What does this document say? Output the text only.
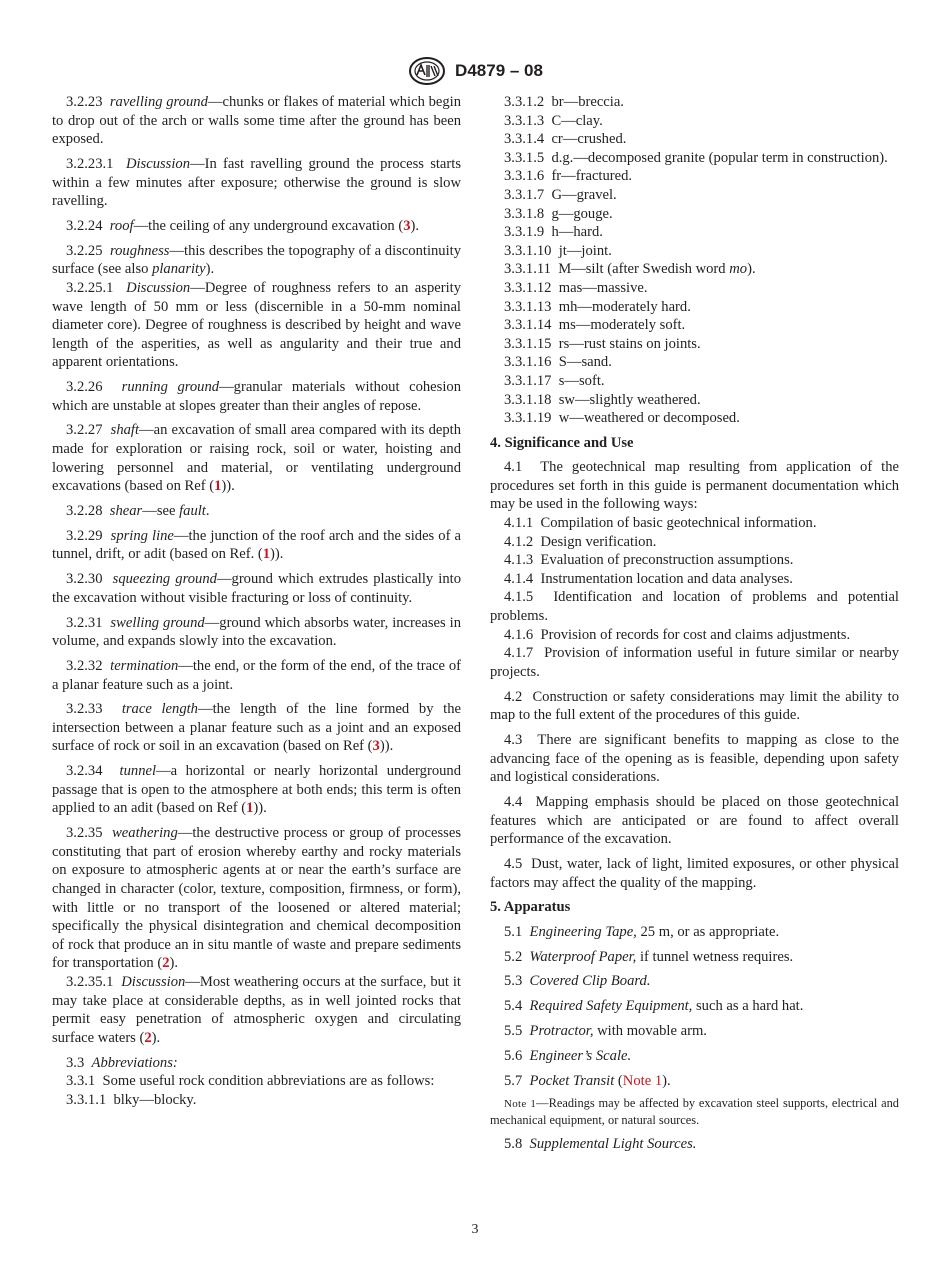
D4879 – 08

3.2.23 ravelling ground—chunks or flakes of material which begin to drop out of the arch or walls some time after the ground has been exposed.

3.2.23.1 Discussion—In fast ravelling ground the process starts within a few minutes after exposure; otherwise the ground is slow ravelling.

3.2.24 roof—the ceiling of any underground excavation (3).

3.2.25 roughness—this describes the topography of a discontinuity surface (see also planarity).

3.2.25.1 Discussion—Degree of roughness refers to an asperity wave length of 50 mm or less (discernible in a 50-mm nominal diameter core). Degree of roughness is described by height and wave length of the asperities, as well as angularity and their true and apparent orientations.

3.2.26 running ground—granular materials without cohesion which are unstable at slopes greater than their angles of repose.

3.2.27 shaft—an excavation of small area compared with its depth made for exploration or raising rock, soil or water, hoisting and lowering personnel and material, or ventilating underground excavations (based on Ref (1)).

3.2.28 shear—see fault.

3.2.29 spring line—the junction of the roof arch and the sides of a tunnel, drift, or adit (based on Ref. (1)).

3.2.30 squeezing ground—ground which extrudes plastically into the excavation without visible fracturing or loss of continuity.

3.2.31 swelling ground—ground which absorbs water, increases in volume, and expands slowly into the excavation.

3.2.32 termination—the end, or the form of the end, of the trace of a planar feature such as a joint.

3.2.33 trace length—the length of the line formed by the intersection between a planar feature such as a joint and an exposed surface of rock or soil in an excavation (based on Ref (3)).

3.2.34 tunnel—a horizontal or nearly horizontal underground passage that is open to the atmosphere at both ends; this term is often applied to an adit (based on Ref (1)).

3.2.35 weathering—the destructive process or group of processes constituting that part of erosion whereby earthy and rocky materials on exposure to atmospheric agents at or near the earth’s surface are changed in character (color, texture, composition, firmness, or form), with little or no transport of the loosened or altered material; specifically the physical disintegration and chemical decomposition of rock that produce an in situ mantle of waste and prepare sediments for transportation (2).

3.2.35.1 Discussion—Most weathering occurs at the surface, but it may take place at considerable depths, as in well jointed rocks that permit easy penetration of atmospheric oxygen and circulating surface waters (2).

3.3 Abbreviations:

3.3.1 Some useful rock condition abbreviations are as follows:

3.3.1.1 blky—blocky.

3.3.1.2 br—breccia.

3.3.1.3 C—clay.

3.3.1.4 cr—crushed.

3.3.1.5 d.g.—decomposed granite (popular term in construction).

3.3.1.6 fr—fractured.

3.3.1.7 G—gravel.

3.3.1.8 g—gouge.

3.3.1.9 h—hard.

3.3.1.10 jt—joint.

3.3.1.11 M—silt (after Swedish word mo).

3.3.1.12 mas—massive.

3.3.1.13 mh—moderately hard.

3.3.1.14 ms—moderately soft.

3.3.1.15 rs—rust stains on joints.

3.3.1.16 S—sand.

3.3.1.17 s—soft.

3.3.1.18 sw—slightly weathered.

3.3.1.19 w—weathered or decomposed.

4. Significance and Use

4.1 The geotechnical map resulting from application of the procedures set forth in this guide is permanent documentation which may be used in the following ways:

4.1.1 Compilation of basic geotechnical information.

4.1.2 Design verification.

4.1.3 Evaluation of preconstruction assumptions.

4.1.4 Instrumentation location and data analyses.

4.1.5 Identification and location of problems and potential problems.

4.1.6 Provision of records for cost and claims adjustments.

4.1.7 Provision of information useful in future similar or nearby projects.

4.2 Construction or safety considerations may limit the ability to map to the full extent of the procedures of this guide.

4.3 There are significant benefits to mapping as close to the advancing face of the opening as is feasible, depending upon safety and logistical considerations.

4.4 Mapping emphasis should be placed on those geotechnical features which are anticipated or are found to affect overall performance of the excavation.

4.5 Dust, water, lack of light, limited exposures, or other physical factors may affect the quality of the mapping.

5. Apparatus

5.1 Engineering Tape, 25 m, or as appropriate.

5.2 Waterproof Paper, if tunnel wetness requires.

5.3 Covered Clip Board.

5.4 Required Safety Equipment, such as a hard hat.

5.5 Protractor, with movable arm.

5.6 Engineer’s Scale.

5.7 Pocket Transit (Note 1).

Note 1—Readings may be affected by excavation steel supports, electrical and mechanical equipment, or natural sources.

5.8 Supplemental Light Sources.

3
